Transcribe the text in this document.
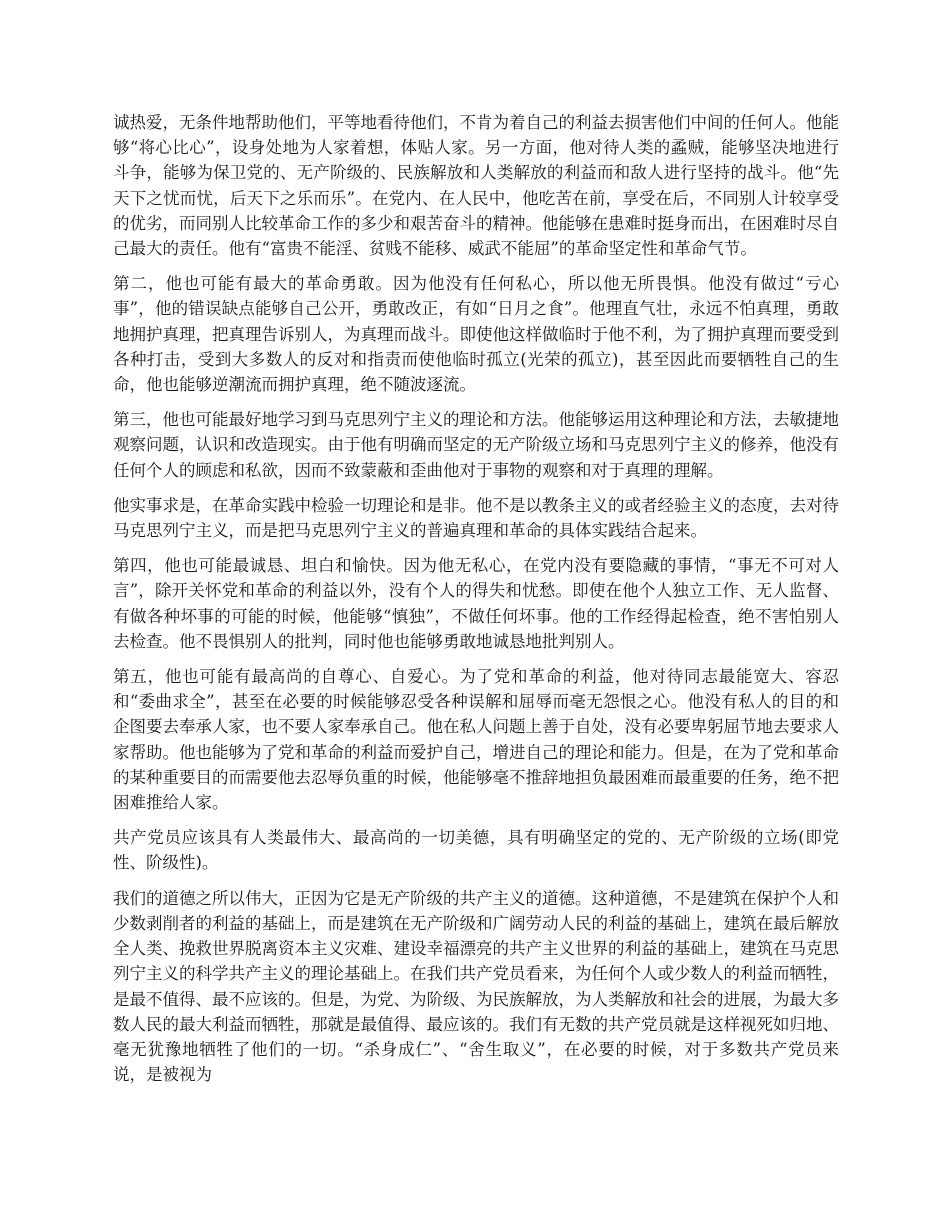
诚热爱，无条件地帮助他们，平等地看待他们，不肯为着自己的利益去损害他们中间的任何人。他能够“将心比心”，设身处地为人家着想，体贴人家。另一方面，他对待人类的蟊贼，能够坚决地进行斗争，能够为保卫党的、无产阶级的、民族解放和人类解放的利益而和敌人进行坚持的战斗。他“先天下之忧而忧，后天下之乐而乐”。在党内、在人民中，他吃苦在前，享受在后，不同别人计较享受的优劣，而同别人比较革命工作的多少和艰苦奋斗的精神。他能够在患难时挺身而出，在困难时尽自己最大的责任。他有“富贵不能淫、贫贱不能移、威武不能屈”的革命坚定性和革命气节。

第二，他也可能有最大的革命勇敢。因为他没有任何私心，所以他无所畏惧。他没有做过“亏心事”，他的错误缺点能够自己公开，勇敢改正，有如“日月之食”。他理直气壮，永远不怕真理，勇敢地拥护真理，把真理告诉别人，为真理而战斗。即使他这样做临时于他不利，为了拥护真理而要受到各种打击，受到大多数人的反对和指责而使他临时孤立(光荣的孤立)，甚至因此而要牺牲自己的生命，他也能够逆潮流而拥护真理，绝不随波逐流。

第三，他也可能最好地学习到马克思列宁主义的理论和方法。他能够运用这种理论和方法，去敏捷地观察问题，认识和改造现实。由于他有明确而坚定的无产阶级立场和马克思列宁主义的修养，他没有任何个人的顾虑和私欲，因而不致蒙蔽和歪曲他对于事物的观察和对于真理的理解。

他实事求是，在革命实践中检验一切理论和是非。他不是以教条主义的或者经验主义的态度，去对待马克思列宁主义，而是把马克思列宁主义的普遍真理和革命的具体实践结合起来。

第四，他也可能最诚恳、坦白和愉快。因为他无私心，在党内没有要隐藏的事情，“事无不可对人言”，除开关怀党和革命的利益以外，没有个人的得失和忧愁。即使在他个人独立工作、无人监督、有做各种坏事的可能的时候，他能够“慎独”，不做任何坏事。他的工作经得起检查，绝不害怕别人去检查。他不畏惧别人的批判，同时他也能够勇敢地诚恳地批判别人。

第五，他也可能有最高尚的自尊心、自爱心。为了党和革命的利益，他对待同志最能宽大、容忍和“委曲求全”，甚至在必要的时候能够忍受各种误解和屈辱而毫无怨恨之心。他没有私人的目的和企图要去奉承人家，也不要人家奉承自己。他在私人问题上善于自处，没有必要卑躬屈节地去要求人家帮助。他也能够为了党和革命的利益而爱护自己，增进自己的理论和能力。但是，在为了党和革命的某种重要目的而需要他去忍辱负重的时候，他能够毫不推辞地担负最困难而最重要的任务，绝不把困难推给人家。

共产党员应该具有人类最伟大、最高尚的一切美德，具有明确坚定的党的、无产阶级的立场(即党性、阶级性)。

我们的道德之所以伟大，正因为它是无产阶级的共产主义的道德。这种道德，不是建筑在保护个人和少数剥削者的利益的基础上，而是建筑在无产阶级和广阔劳动人民的利益的基础上，建筑在最后解放全人类、挽救世界脱离资本主义灾难、建设幸福漂亮的共产主义世界的利益的基础上，建筑在马克思列宁主义的科学共产主义的理论基础上。在我们共产党员看来，为任何个人或少数人的利益而牺牲，是最不值得、最不应该的。但是，为党、为阶级、为民族解放，为人类解放和社会的进展，为最大多数人民的最大利益而牺牲，那就是最值得、最应该的。我们有无数的共产党员就是这样视死如归地、毫无犹豫地牺牲了他们的一切。“杀身成仁”、“舍生取义”，在必要的时候，对于多数共产党员来说，是被视为
